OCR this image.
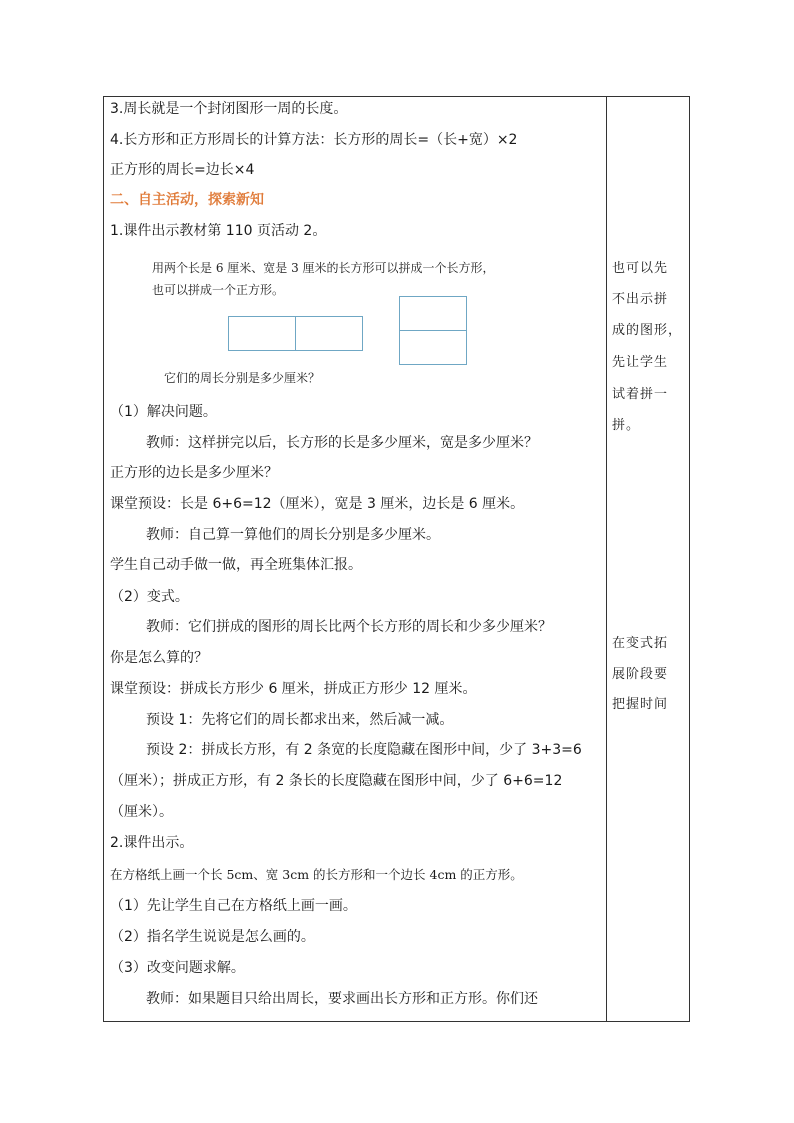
3.周长就是一个封闭图形一周的长度。
4.长方形和正方形周长的计算方法：长方形的周长=（长+宽）×2
正方形的周长=边长×4
二、自主活动，探索新知
1.课件出示教材第 110 页活动 2。
用两个长是 6 厘米、宽是 3 厘米的长方形可以拼成一个长方形，
也可以拼成一个正方形。
它们的周长分别是多少厘米？
（1）解决问题。
教师：这样拼完以后，长方形的长是多少厘米，宽是多少厘米？
正方形的边长是多少厘米？
课堂预设：长是 6+6=12（厘米），宽是 3 厘米，边长是 6 厘米。
教师：自己算一算他们的周长分别是多少厘米。
学生自己动手做一做，再全班集体汇报。
（2）变式。
教师：它们拼成的图形的周长比两个长方形的周长和少多少厘米？
你是怎么算的？
课堂预设：拼成长方形少 6 厘米，拼成正方形少 12 厘米。
预设 1：先将它们的周长都求出来，然后减一减。
预设 2：拼成长方形，有 2 条宽的长度隐藏在图形中间，少了 3+3=6
（厘米）；拼成正方形，有 2 条长的长度隐藏在图形中间，少了 6+6=12
（厘米）。
2.课件出示。
在方格纸上画一个长 5cm、宽 3cm 的长方形和一个边长 4cm 的正方形。
（1）先让学生自己在方格纸上画一画。
（2）指名学生说说是怎么画的。
（3）改变问题求解。
教师：如果题目只给出周长，要求画出长方形和正方形。你们还
也可以先
不出示拼
成的图形，
先让学生
试着拼一
拼。
在变式拓
展阶段要
把握时间
